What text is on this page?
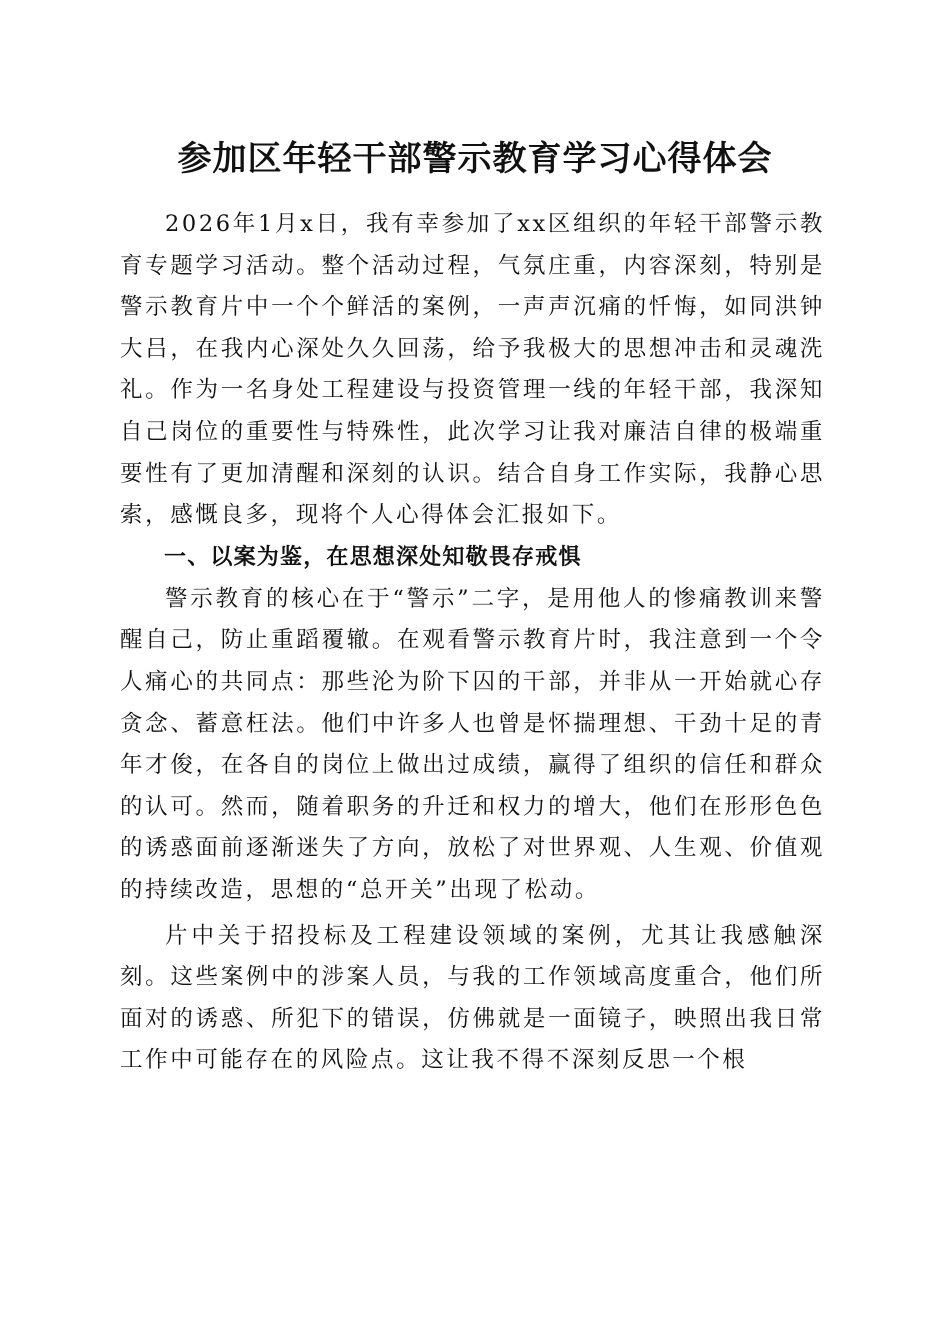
参加区年轻干部警示教育学习心得体会

2026年1月x日，我有幸参加了xx区组织的年轻干部警示教育专题学习活动。整个活动过程，气氛庄重，内容深刻，特别是警示教育片中一个个鲜活的案例，一声声沉痛的忏悔，如同洪钟大吕，在我内心深处久久回荡，给予我极大的思想冲击和灵魂洗礼。作为一名身处工程建设与投资管理一线的年轻干部，我深知自己岗位的重要性与特殊性，此次学习让我对廉洁自律的极端重要性有了更加清醒和深刻的认识。结合自身工作实际，我静心思索，感慨良多，现将个人心得体会汇报如下。

一、以案为鉴，在思想深处知敬畏存戒惧

警示教育的核心在于“警示”二字，是用他人的惨痛教训来警醒自己，防止重蹈覆辙。在观看警示教育片时，我注意到一个令人痛心的共同点：那些沦为阶下囚的干部，并非从一开始就心存贪念、蓄意枉法。他们中许多人也曾是怀揣理想、干劲十足的青年才俊，在各自的岗位上做出过成绩，赢得了组织的信任和群众的认可。然而，随着职务的升迁和权力的增大，他们在形形色色的诱惑面前逐渐迷失了方向，放松了对世界观、人生观、价值观的持续改造，思想的“总开关”出现了松动。

片中关于招投标及工程建设领域的案例，尤其让我感触深刻。这些案例中的涉案人员，与我的工作领域高度重合，他们所面对的诱惑、所犯下的错误，仿佛就是一面镜子，映照出我日常工作中可能存在的风险点。这让我不得不深刻反思一个根
